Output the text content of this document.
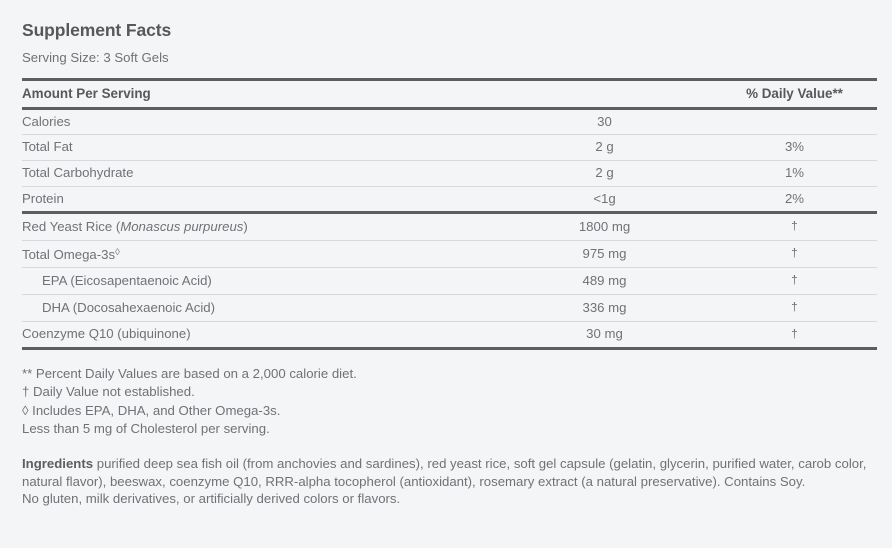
Supplement Facts
Serving Size: 3 Soft Gels
Amount Per Serving		% Daily Value**
Calories	30	
Total Fat	2 g	3%
Total Carbohydrate	2 g	1%
Protein	<1g	2%
Red Yeast Rice (Monascus purpureus)	1800 mg	†
Total Omega-3s◊	975 mg	†
EPA (Eicosapentaenoic Acid)	489 mg	†
DHA (Docosahexaenoic Acid)	336 mg	†
Coenzyme Q10 (ubiquinone)	30 mg	†
** Percent Daily Values are based on a 2,000 calorie diet.
† Daily Value not established.
◊ Includes EPA, DHA, and Other Omega-3s.
Less than 5 mg of Cholesterol per serving.
Ingredients purified deep sea fish oil (from anchovies and sardines), red yeast rice, soft gel capsule (gelatin, glycerin, purified water, carob color, natural flavor), beeswax, coenzyme Q10, RRR-alpha tocopherol (antioxidant), rosemary extract (a natural preservative). Contains Soy.
No gluten, milk derivatives, or artificially derived colors or flavors.
